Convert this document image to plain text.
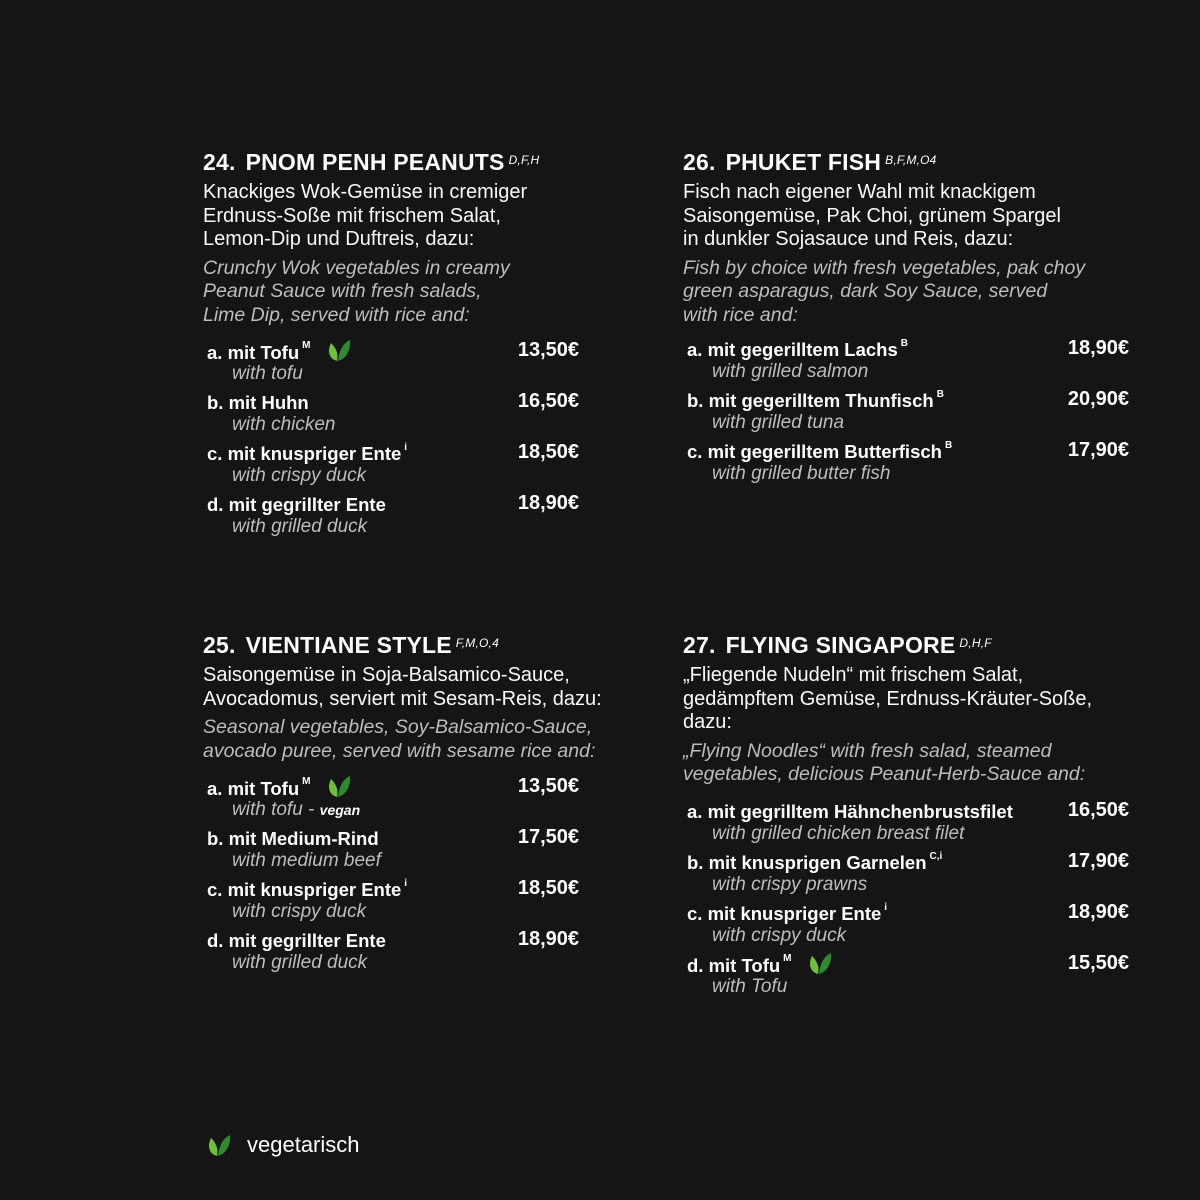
24. PNOM PENH PEANUTS $^{D,F,H}$
Knackiges Wok-Gemüse in cremiger
Erdnuss-Soße mit frischem Salat,
Lemon-Dip und Duftreis, dazu:
Crunchy Wok vegetables in creamy
Peanut Sauce with fresh salads,
Lime Dip, served with rice and:
a. mit Tofu $^M$	13,50€
with tofu
b. mit Huhn	16,50€
with chicken
c. mit knuspriger Ente $^i$	18,50€
with crispy duck
d. mit gegrillter Ente	18,90€
with grilled duck
26. PHUKET FISH $^{B,F,M,O4}$
Fisch nach eigener Wahl mit knackigem
Saisongemüse, Pak Choi, grünem Spargel
in dunkler Sojasauce und Reis, dazu:
Fish by choice with fresh vegetables, pak choy
green asparagus, dark Soy Sauce, served
with rice and:
a. mit gegerilltem Lachs $^B$	18,90€
with grilled salmon
b. mit gegerilltem Thunfisch $^B$	20,90€
with grilled tuna
c. mit gegerilltem Butterfisch $^B$	17,90€
with grilled butter fish
25. VIENTIANE STYLE $^{F,M,O,4}$
Saisongemüse in Soja-Balsamico-Sauce,
Avocadomus, serviert mit Sesam-Reis, dazu:
Seasonal vegetables, Soy-Balsamico-Sauce,
avocado puree, served with sesame rice and:
a. mit Tofu $^M$	13,50€
with tofu - vegan
b. mit Medium-Rind	17,50€
with medium beef
c. mit knuspriger Ente $^i$	18,50€
with crispy duck
d. mit gegrillter Ente	18,90€
with grilled duck
27. FLYING SINGAPORE $^{D,H,F}$
„Fliegende Nudeln“ mit frischem Salat,
gedämpftem Gemüse, Erdnuss-Kräuter-Soße,
dazu:
„Flying Noodles“ with fresh salad, steamed
vegetables, delicious Peanut-Herb-Sauce and:
a. mit gegrilltem Hähnchenbrustsfilet	16,50€
with grilled chicken breast filet
b. mit knusprigen Garnelen $^{C,i}$	17,90€
with crispy prawns
c. mit knuspriger Ente $^i$	18,90€
with crispy duck
d. mit Tofu $^M$	15,50€
with Tofu
vegetarisch
